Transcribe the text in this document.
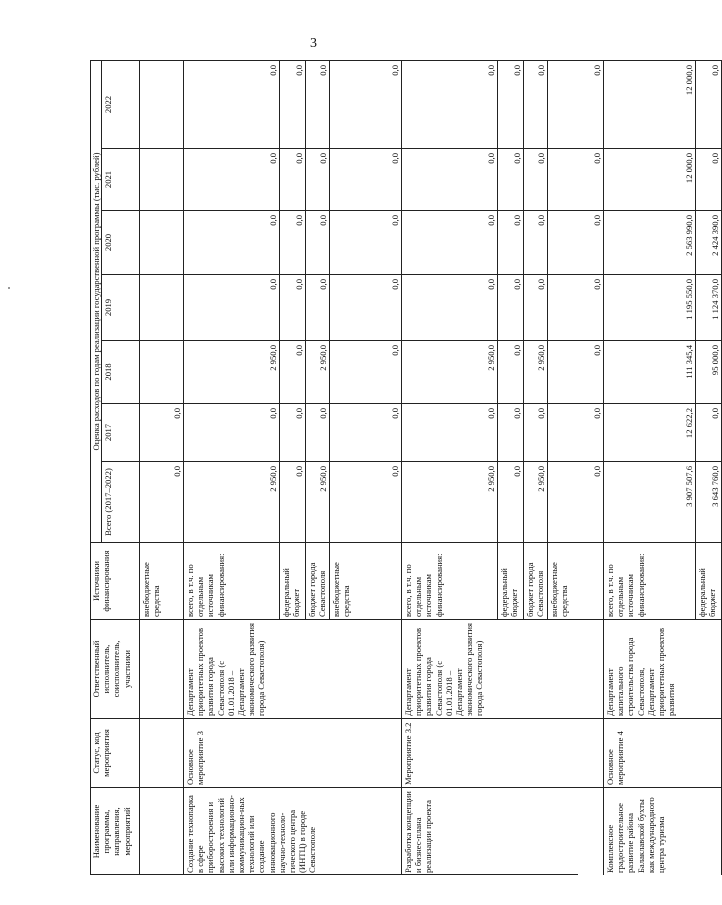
3
Наименование программы, направления, мероприятий
Статус, код мероприятия
Ответственный исполнитель, соисполнитель, участники
Источники финансирования
Оценка расходов по годам реализации государственной программы (тыс. рублей)
Всего (2017–2022)
2017
2018
2019
2020
2021
2022
внебюджетные средства
0,0
0,0
Создание технопарка в сфере приборостроения и высоких технологий или информационно-коммуникацион-ных технологий или создание инновационного научно-техноло-гического центра (ИНТЦ) в городе Севастополе
Основное мероприятие 3
Департамент приоритетных проектов развития города Севастополя (с 01.01.2018 – Департамент экономического развития города Севастополя)
всего, в т.ч. по отдельным источникам финансирования:
2 950,0
0,0
2 950,0
0,0
0,0
0,0
0,0
федеральный бюджет
0,0
0,0
0,0
0,0
0,0
0,0
0,0
бюджет города Севастополя
2 950,0
0,0
2 950,0
0,0
0,0
0,0
0,0
внебюджетные средства
0,0
0,0
0,0
0,0
0,0
0,0
0,0
Разработка концепции и бизнес-плана реализации проекта
Мероприятие 3.2
Департамент приоритетных проектов развития города Севастополя (с 01.01.2018 – Департамент экономического развития города Севастополя)
всего, в т.ч. по отдельным источникам финансирования:
2 950,0
0,0
2 950,0
0,0
0,0
0,0
0,0
федеральный бюджет
0,0
0,0
0,0
0,0
0,0
0,0
0,0
бюджет города Севастополя
2 950,0
0,0
2 950,0
0,0
0,0
0,0
0,0
внебюджетные средства
0,0
0,0
0,0
0,0
0,0
0,0
0,0
Комплексное градостроительное развитие района Балаклавской бухты как международного центра туризма
Основное мероприятие 4
Департамент капитального строительства города Севастополя, Департамент приоритетных проектов развития
всего, в т.ч. по отдельным источникам финансирования:
3 907 507,6
12 622,2
111 345,4
1 195 550,0
2 563 990,0
12 000,0
12 000,0
федеральный бюджет
3 643 760,0
0,0
95 000,0
1 124 370,0
2 424 390,0
0,0
0,0
